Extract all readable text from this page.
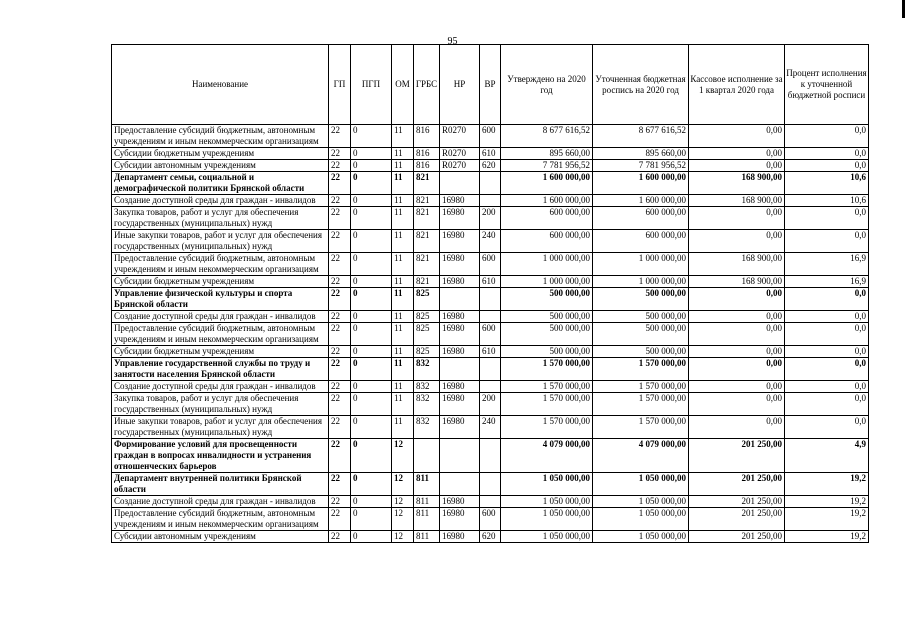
95
Наименование	ГП	ПГП	ОМ	ГРБС	НР	ВР	Утверждено на 2020 год	Уточненная бюджетная роспись на 2020 год	Кассовое исполнение за 1 квартал 2020 года	Процент исполнения к уточненной бюджетной росписи
Предоставление субсидий бюджетным, автономным учреждениям и иным некоммерческим организациям	22	0	11	816	R0270	600	8 677 616,52	8 677 616,52	0,00	0,0
Субсидии бюджетным учреждениям	22	0	11	816	R0270	610	895 660,00	895 660,00	0,00	0,0
Субсидии автономным учреждениям	22	0	11	816	R0270	620	7 781 956,52	7 781 956,52	0,00	0,0
Департамент семьи, социальной и демографической политики Брянской области	22	0	11	821			1 600 000,00	1 600 000,00	168 900,00	10,6
Создание доступной среды для граждан - инвалидов	22	0	11	821	16980		1 600 000,00	1 600 000,00	168 900,00	10,6
Закупка товаров, работ и услуг для обеспечения государственных (муниципальных) нужд	22	0	11	821	16980	200	600 000,00	600 000,00	0,00	0,0
Иные закупки товаров, работ и услуг для обеспечения государственных (муниципальных) нужд	22	0	11	821	16980	240	600 000,00	600 000,00	0,00	0,0
Предоставление субсидий бюджетным, автономным учреждениям и иным некоммерческим организациям	22	0	11	821	16980	600	1 000 000,00	1 000 000,00	168 900,00	16,9
Субсидии бюджетным учреждениям	22	0	11	821	16980	610	1 000 000,00	1 000 000,00	168 900,00	16,9
Управление физической культуры и спорта Брянской области	22	0	11	825			500 000,00	500 000,00	0,00	0,0
Создание доступной среды для граждан - инвалидов	22	0	11	825	16980		500 000,00	500 000,00	0,00	0,0
Предоставление субсидий бюджетным, автономным учреждениям и иным некоммерческим организациям	22	0	11	825	16980	600	500 000,00	500 000,00	0,00	0,0
Субсидии бюджетным учреждениям	22	0	11	825	16980	610	500 000,00	500 000,00	0,00	0,0
Управление государственной службы по труду и занятости населения Брянской области	22	0	11	832			1 570 000,00	1 570 000,00	0,00	0,0
Создание доступной среды для граждан - инвалидов	22	0	11	832	16980		1 570 000,00	1 570 000,00	0,00	0,0
Закупка товаров, работ и услуг для обеспечения государственных (муниципальных) нужд	22	0	11	832	16980	200	1 570 000,00	1 570 000,00	0,00	0,0
Иные закупки товаров, работ и услуг для обеспечения государственных (муниципальных) нужд	22	0	11	832	16980	240	1 570 000,00	1 570 000,00	0,00	0,0
Формирование условий для просвещенности граждан в вопросах инвалидности и устранения отношенческих барьеров	22	0	12				4 079 000,00	4 079 000,00	201 250,00	4,9
Департамент внутренней политики Брянской области	22	0	12	811			1 050 000,00	1 050 000,00	201 250,00	19,2
Создание доступной среды для граждан - инвалидов	22	0	12	811	16980		1 050 000,00	1 050 000,00	201 250,00	19,2
Предоставление субсидий бюджетным, автономным учреждениям и иным некоммерческим организациям	22	0	12	811	16980	600	1 050 000,00	1 050 000,00	201 250,00	19,2
Субсидии автономным учреждениям	22	0	12	811	16980	620	1 050 000,00	1 050 000,00	201 250,00	19,2
